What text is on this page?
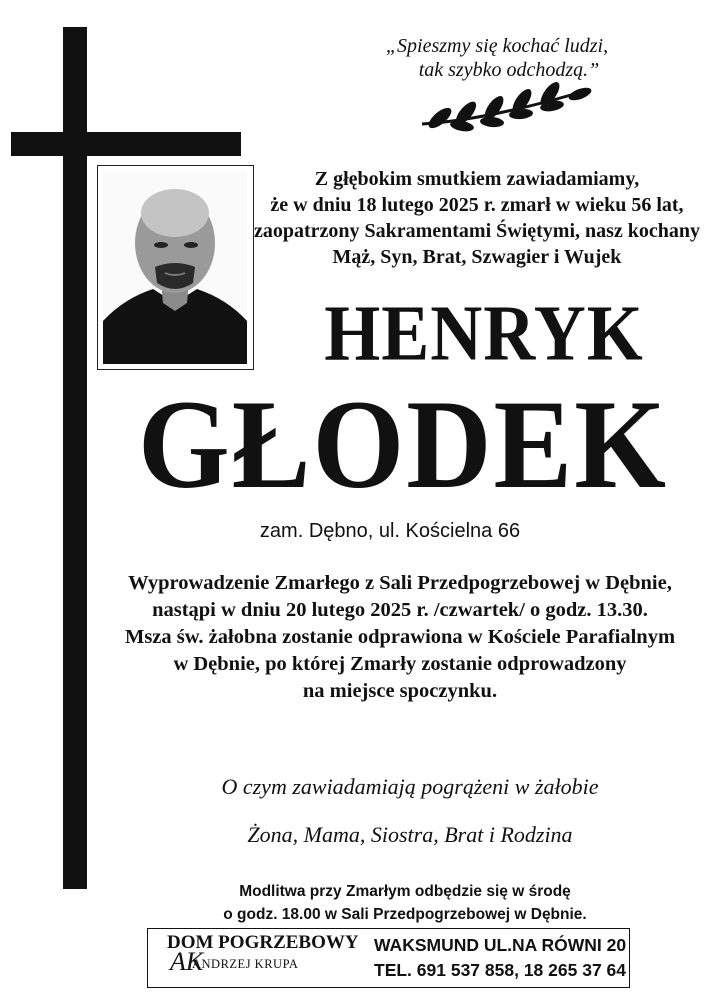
„Spieszmy się kochać ludzi,

tak szybko odchodzą.”
Z głębokim smutkiem zawiadamiamy,
że w dniu 18 lutego 2025 r. zmarł w wieku 56 lat,
zaopatrzony Sakramentami Świętymi, nasz kochany
Mąż, Syn, Brat, Szwagier i Wujek
HENRYK
GŁODEK
zam. Dębno, ul. Kościelna 66
Wyprowadzenie Zmarłego z Sali Przedpogrzebowej w Dębnie,
nastąpi w dniu 20 lutego 2025 r. /czwartek/ o godz. 13.30.
Msza św. żałobna zostanie odprawiona w Kościele Parafialnym
w Dębnie, po której Zmarły zostanie odprowadzony
na miejsce spoczynku.
O czym zawiadamiają pogrążeni w żałobie
Żona, Mama, Siostra, Brat i Rodzina
Modlitwa przy Zmarłym odbędzie się w środę
o godz. 18.00 w Sali Przedpogrzebowej w Dębnie.
DOM POGRZEBOWY
AK
ANDRZEJ KRUPA
WAKSMUND UL.NA RÓWNI 20
TEL. 691 537 858, 18 265 37 64
